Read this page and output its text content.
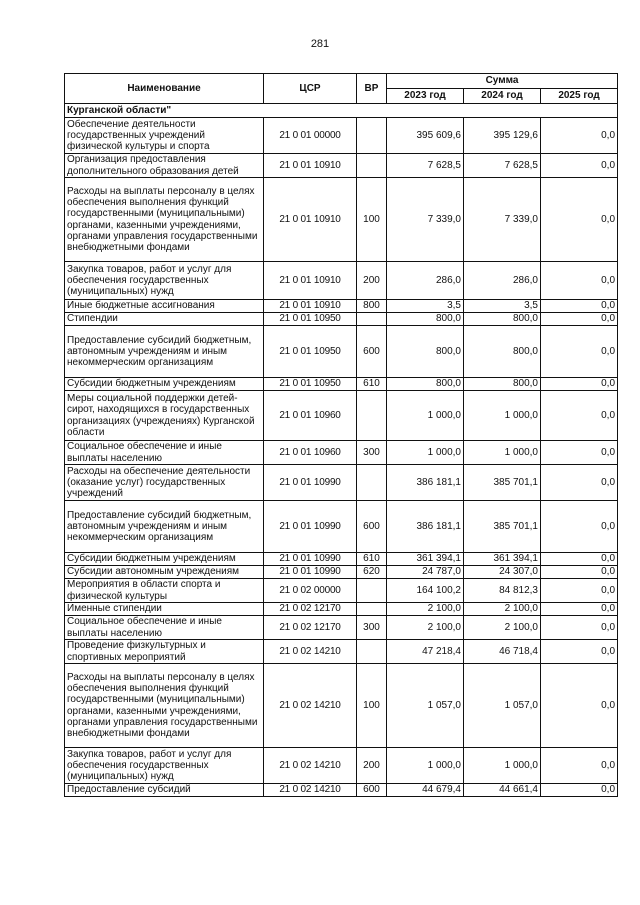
281
Наименование	ЦСР	ВР	Сумма		
			2023 год	2024 год	2025 год
Курганской области"					
Обеспечение деятельности государственных учреждений физической культуры и спорта	21 0 01 00000		395 609,6	395 129,6	0,0
Организация предоставления дополнительного образования детей	21 0 01 10910		7 628,5	7 628,5	0,0
Расходы на выплаты персоналу в целях обеспечения выполнения функций государственными (муниципальными) органами, казенными учреждениями, органами управления государственными внебюджетными фондами	21 0 01 10910	100	7 339,0	7 339,0	0,0
Закупка товаров, работ и услуг для обеспечения государственных (муниципальных) нужд	21 0 01 10910	200	286,0	286,0	0,0
Иные бюджетные ассигнования	21 0 01 10910	800	3,5	3,5	0,0
Стипендии	21 0 01 10950		800,0	800,0	0,0
Предоставление субсидий бюджетным, автономным учреждениям и иным некоммерческим организациям	21 0 01 10950	600	800,0	800,0	0,0
Субсидии бюджетным учреждениям	21 0 01 10950	610	800,0	800,0	0,0
Меры социальной поддержки детей-сирот, находящихся в государственных организациях (учреждениях) Курганской области	21 0 01 10960		1 000,0	1 000,0	0,0
Социальное обеспечение и иные выплаты населению	21 0 01 10960	300	1 000,0	1 000,0	0,0
Расходы на обеспечение деятельности (оказание услуг) государственных учреждений	21 0 01 10990		386 181,1	385 701,1	0,0
Предоставление субсидий бюджетным, автономным учреждениям и иным некоммерческим организациям	21 0 01 10990	600	386 181,1	385 701,1	0,0
Субсидии бюджетным учреждениям	21 0 01 10990	610	361 394,1	361 394,1	0,0
Субсидии автономным учреждениям	21 0 01 10990	620	24 787,0	24 307,0	0,0
Мероприятия в области спорта и физической культуры	21 0 02 00000		164 100,2	84 812,3	0,0
Именные стипендии	21 0 02 12170		2 100,0	2 100,0	0,0
Социальное обеспечение и иные выплаты населению	21 0 02 12170	300	2 100,0	2 100,0	0,0
Проведение физкультурных и спортивных мероприятий	21 0 02 14210		47 218,4	46 718,4	0,0
Расходы на выплаты персоналу в целях обеспечения выполнения функций государственными (муниципальными) органами, казенными учреждениями, органами управления государственными внебюджетными фондами	21 0 02 14210	100	1 057,0	1 057,0	0,0
Закупка товаров, работ и услуг для обеспечения государственных (муниципальных) нужд	21 0 02 14210	200	1 000,0	1 000,0	0,0
Предоставление субсидий	21 0 02 14210	600	44 679,4	44 661,4	0,0
